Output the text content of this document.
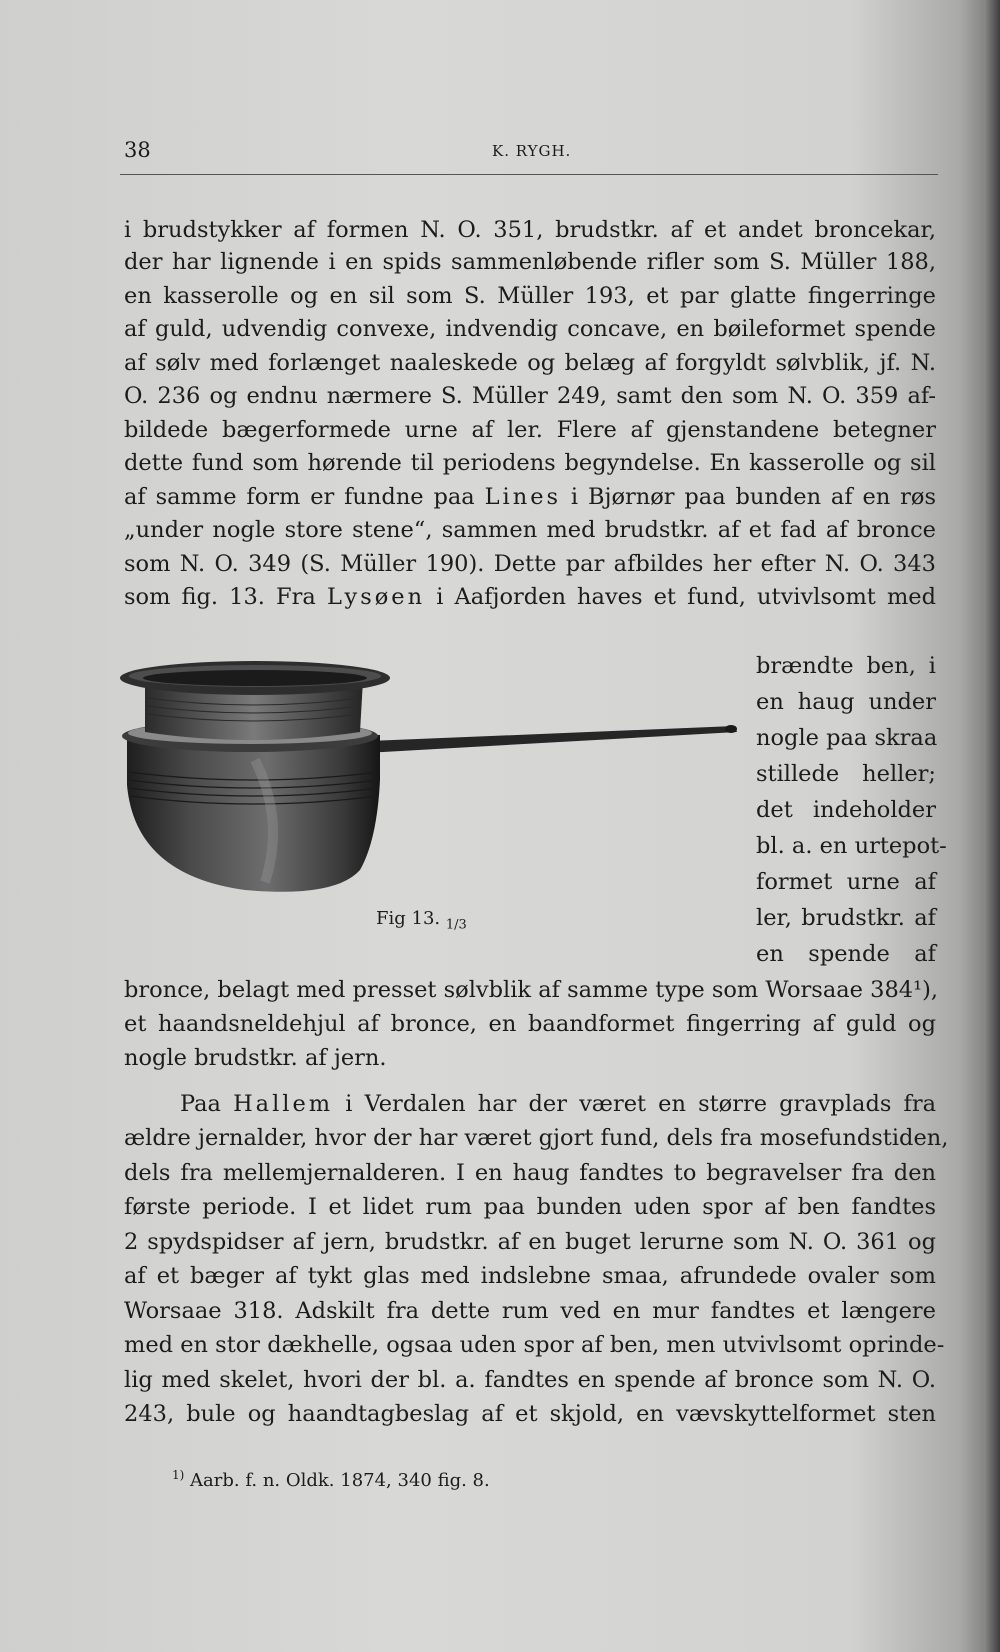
38	K. RYGH.
i brudstykker af formen N. O. 351, brudstkr. af et andet broncekar,
der har lignende i en spids sammenløbende rifler som S. Müller 188,
en kasserolle og en sil som S. Müller 193, et par glatte fingerringe
af guld, udvendig convexe, indvendig concave, en bøileformet spende
af sølv med forlænget naaleskede og belæg af forgyldt sølvblik, jf. N.
O. 236 og endnu nærmere S. Müller 249, samt den som N. O. 359 af-
bildede bægerformede urne af ler. Flere af gjenstandene betegner
dette fund som hørende til periodens begyndelse. En kasserolle og sil
af samme form er fundne paa Lines i Bjørnør paa bunden af en røs
„under nogle store stene“, sammen med brudstkr. af et fad af bronce
som N. O. 349 (S. Müller 190). Dette par afbildes her efter N. O. 343
som fig. 13. Fra Lysøen i Aafjorden haves et fund, utvivlsomt med
brændte ben, i
en haug under
nogle paa skraa
stillede heller;
det indeholder
bl. a. en urtepot-
formet urne af
ler, brudstkr. af
en spende af
bronce, belagt med presset sølvblik af samme type som Worsaae 384¹),
et haandsneldehjul af bronce, en baandformet fingerring af guld og
nogle brudstkr. af jern.
Paa Hallem i Verdalen har der været en større gravplads fra
ældre jernalder, hvor der har været gjort fund, dels fra mosefundstiden,
dels fra mellemjernalderen. I en haug fandtes to begravelser fra den
første periode. I et lidet rum paa bunden uden spor af ben fandtes
2 spydspidser af jern, brudstkr. af en buget lerurne som N. O. 361 og
af et bæger af tykt glas med indslebne smaa, afrundede ovaler som
Worsaae 318. Adskilt fra dette rum ved en mur fandtes et længere
med en stor dækhelle, ogsaa uden spor af ben, men utvivlsomt oprinde-
lig med skelet, hvori der bl. a. fandtes en spende af bronce som N. O.
243, bule og haandtagbeslag af et skjold, en vævskyttelformet sten
Fig 13. $_{1/3}$
$^{1)}$ Aarb. f. n. Oldk. 1874, 340 fig. 8.
